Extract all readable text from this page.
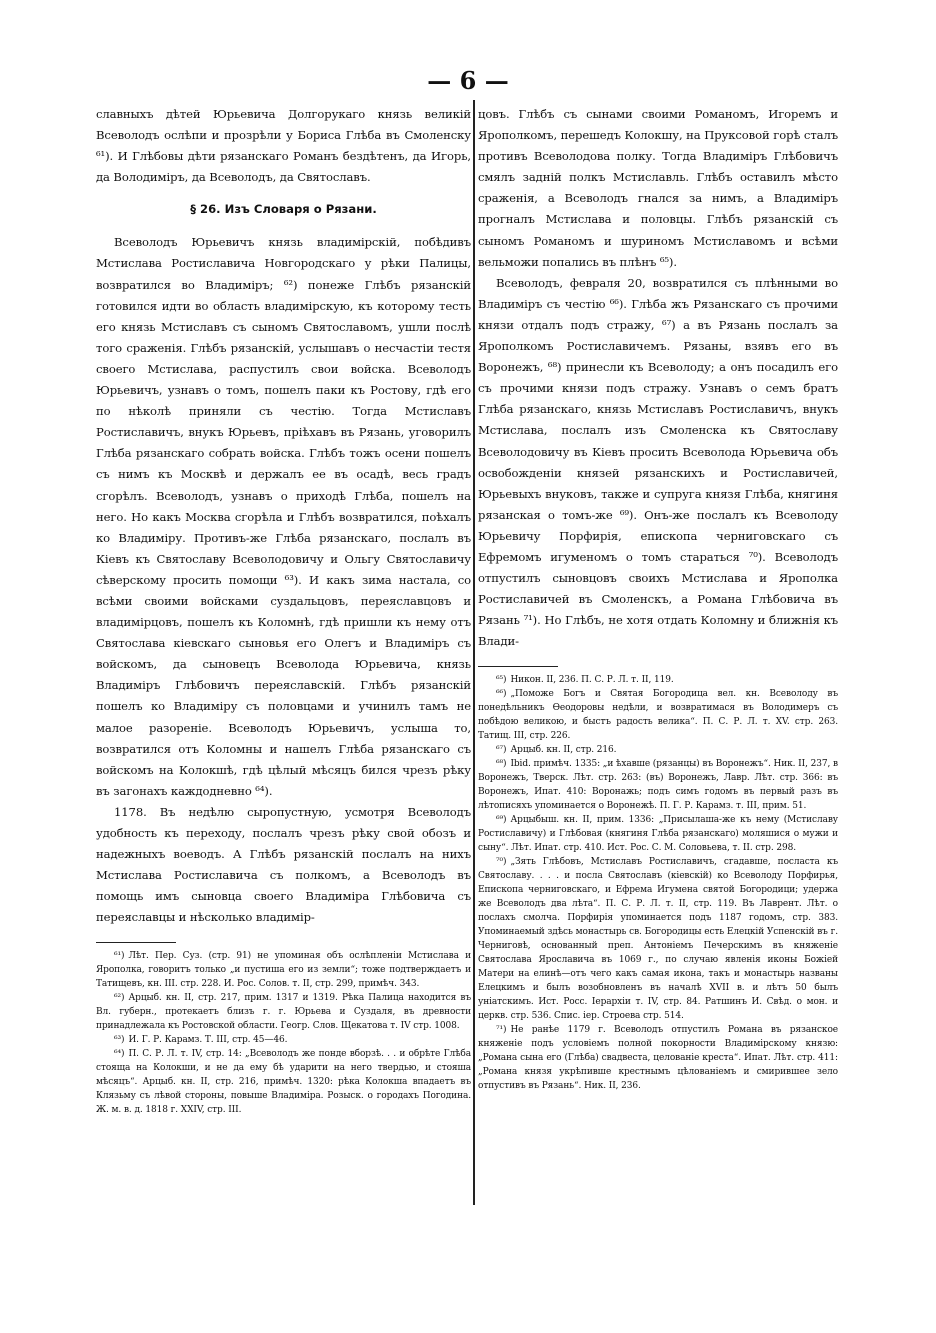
— 6 —

славныхъ дѣтей Юрьевича Долгорукаго князь великій Всеволодъ ослѣпи и прозрѣли у Бориса Глѣба въ Смоленску ⁶¹). И Глѣбовы дѣти рязанскаго Романъ бездѣтенъ, да Игорь, да Володиміръ, да Всеволодъ, да Святославъ.

§ 26. Изъ Словаря о Рязани.

Всеволодъ Юрьевичъ князь владимірскій, побѣдивъ Мстислава Ростиславича Новгородскаго у рѣки Палицы, возвратился во Владиміръ; ⁶²) понеже Глѣбъ рязанскій готовился идти во область владимірскую, къ которому тесть его князь Мстиславъ съ сыномъ Святославомъ, ушли послѣ того сраженія. Глѣбъ рязанскій, услышавъ о несчастіи тестя своего Мстислава, распустилъ свои войска. Всеволодъ Юрьевичъ, узнавъ о томъ, пошелъ паки къ Ростову, гдѣ его по нѣколѣ приняли съ честію. Тогда Мстиславъ Ростиславичъ, внукъ Юрьевъ, пріѣхавъ въ Рязань, уговорилъ Глѣба рязанскаго собрать войска. Глѣбъ тожъ осени пошелъ съ нимъ къ Москвѣ и держалъ ее въ осадѣ, весь градъ сгорѣлъ. Всеволодъ, узнавъ о приходѣ Глѣба, пошелъ на него. Но какъ Москва сгорѣла и Глѣбъ возвратился, поѣхалъ ко Владиміру. Противъ-же Глѣба рязанскаго, послалъ въ Кіевъ къ Святославу Всеволодовичу и Ольгу Святославичу сѣверскому просить помощи ⁶³). И какъ зима настала, со всѣми своими войсками суздальцовъ, переяславцовъ и владимірцовъ, пошелъ къ Коломнѣ, гдѣ пришли къ нему отъ Святослава кіевскаго сыновья его Олегъ и Владиміръ съ войскомъ, да сыновецъ Всеволода Юрьевича, князь Владиміръ Глѣбовичъ переяславскій. Глѣбъ рязанскій пошелъ ко Владиміру съ половцами и учинилъ тамъ не малое разореніе. Всеволодъ Юрьевичъ, услыша то, возвратился отъ Коломны и нашелъ Глѣба рязанскаго съ войскомъ на Колокшѣ, гдѣ цѣлый мѣсяцъ бился чрезъ рѣку въ загонахъ каждодневно ⁶⁴).

1178. Въ недѣлю сыропустную, усмотря Всеволодъ удобность къ переходу, послалъ чрезъ рѣку свой обозъ и надежныхъ воеводъ. А Глѣбъ рязанскій послалъ на нихъ Мстислава Ростиславича съ полкомъ, а Всеволодъ въ помощь имъ сыновца своего Владиміра Глѣбовича съ переяславцы и нѣсколько владимір-

⁶¹) Лѣт. Пер. Суз. (стр. 91) не упоминая объ ослѣпленіи Мстислава и Ярополка, говоритъ только „и пустиша его из земли“; тоже подтверждаетъ и Татищевъ, кн. III. стр. 228. И. Рос. Солов. т. II, стр. 299, примѣч. 343.

⁶²) Арцыб. кн. II, стр. 217, прим. 1317 и 1319. Рѣка Палица находится въ Вл. губерн., протекаетъ близъ г. г. Юрьева и Суздаля, въ древности принадлежала къ Ростовской области. Геогр. Слов. Щекатова т. IV стр. 1008.

⁶³) И. Г. Р. Карамз. Т. III, стр. 45—46.

⁶⁴) П. С. Р. Л. т. IV, стр. 14: „Всеволодъ же понде вборзѣ. . . и обрѣте Глѣба стояща на Колокши, и не да ему бѣ ударити на него твердью, и стояша мѣсяцъ“. Арцыб. кн. II, стр. 216, примѣч. 1320: рѣка Колокша впадаетъ въ Клязьму съ лѣвой стороны, повыше Владиміра. Розыск. о городахъ Погодина. Ж. м. в. д. 1818 г. XXIV, стр. III.

цовъ. Глѣбъ съ сынами своими Романомъ, Игоремъ и Ярополкомъ, перешедъ Колокшу, на Пруксовой горѣ сталъ противъ Всеволодова полку. Тогда Владиміръ Глѣбовичъ смялъ задній полкъ Мстиславль. Глѣбъ оставилъ мѣсто сраженія, а Всеволодъ гнался за нимъ, а Владиміръ прогналъ Мстислава и половцы. Глѣбъ рязанскій съ сыномъ Романомъ и шуриномъ Мстиславомъ и всѣми вельможи попались въ плѣнъ ⁶⁵).

Всеволодъ, февраля 20, возвратился съ плѣнными во Владиміръ съ честію ⁶⁶). Глѣба жъ Рязанскаго съ прочими князи отдалъ подъ стражу, ⁶⁷) а въ Рязань послалъ за Ярополкомъ Ростиславичемъ. Рязаны, взявъ его въ Воронежъ, ⁶⁸) принесли къ Всеволоду; а онъ посадилъ его съ прочими князи подъ стражу. Узнавъ о семъ братъ Глѣба рязанскаго, князь Мстиславъ Ростиславичъ, внукъ Мстислава, послалъ изъ Смоленска къ Святославу Всеволодовичу въ Кіевъ просить Всеволода Юрьевича объ освобожденіи князей рязанскихъ и Ростиславичей, Юрьевыхъ внуковъ, также и супруга князя Глѣба, княгиня рязанская о томъ-же ⁶⁹). Онъ-же послалъ къ Всеволоду Юрьевичу Порфирія, епископа черниговскаго съ Ефремомъ игуменомъ о томъ стараться ⁷⁰). Всеволодъ отпустилъ сыновцовъ своихъ Мстислава и Ярополка Ростиславичей въ Смоленскъ, а Романа Глѣбовича въ Рязань ⁷¹). Но Глѣбъ, не хотя отдать Коломну и ближнія къ Влади-

⁶⁵) Никон. II, 236. П. С. Р. Л. т. II, 119.

⁶⁶) „Поможе Богъ и Святая Богородица вел. кн. Всеволоду въ понедѣльникъ Ѳеодоровы недѣли, и возвратимася въ Володимеръ съ побѣдою великою, и быстъ радость велика“. П. С. Р. Л. т. XV. стр. 263. Татищ. III, стр. 226.

⁶⁷) Арцыб. кн. II, стр. 216.

⁶⁸) Ibid. примѣч. 1335: „и ѣхавше (рязанцы) въ Воронежъ“. Ник. II, 237, в Воронежъ, Тверск. Лѣт. стр. 263: (въ) Воронежъ, Лавр. Лѣт. стр. 366: въ Воронежъ, Ипат. 410: Воронажь; подъ симъ годомъ въ первый разъ въ лѣтописяхъ упоминается о Воронежѣ. П. Г. Р. Карамз. т. III, прим. 51.

⁶⁹) Арцыбыш. кн. II, прим. 1336: „Присылаша-же къ нему (Мстиславу Ростиславичу) и Глѣбовая (княгиня Глѣба рязанскаго) моляшися о мужи и сыну“. Лѣт. Ипат. стр. 410. Ист. Рос. С. М. Соловьева, т. II. стр. 298.

⁷⁰) „Зять Глѣбовъ, Мстиславъ Ростиславичъ, сгадавше, посласта къ Святославу. . . . и посла Святославъ (кіевскій) ко Всеволоду Порфирья, Епископа черниговскаго, и Ефрема Игумена святой Богородици; удержа же Всеволодъ два лѣта“. П. С. Р. Л. т. II, стр. 119. Въ Лаврент. Лѣт. о послахъ смолча. Порфирія упоминается подъ 1187 годомъ, стр. 383. Упоминаемый здѣсь монастырь св. Богородицы есть Елецкій Успенскій въ г. Черниговѣ, основанный преп. Антоніемъ Печерскимъ въ княженіе Святослава Ярославича въ 1069 г., по случаю явленія иконы Божіей Матери на елинѣ—отъ чего какъ самая икона, такъ и монастырь названы Елецкимъ и былъ возобновленъ въ началѣ XVII в. и лѣтъ 50 былъ уніатскимъ. Ист. Росс. Іерархіи т. IV, стр. 84. Ратшинъ И. Свѣд. о мон. и церкв. стр. 536. Спис. іер. Строева стр. 514.

⁷¹) Не ранѣе 1179 г. Всеволодъ отпустилъ Романа въ рязанское княженіе подъ условіемъ полной покорности Владимірскому князю: „Романа сына его (Глѣба) свадвеста, целованіе креста“. Ипат. Лѣт. стр. 411: „Романа князя укрѣпивше крестнымъ цѣлованіемъ и смирившее зело отпустивъ въ Рязань“. Ник. II, 236.
